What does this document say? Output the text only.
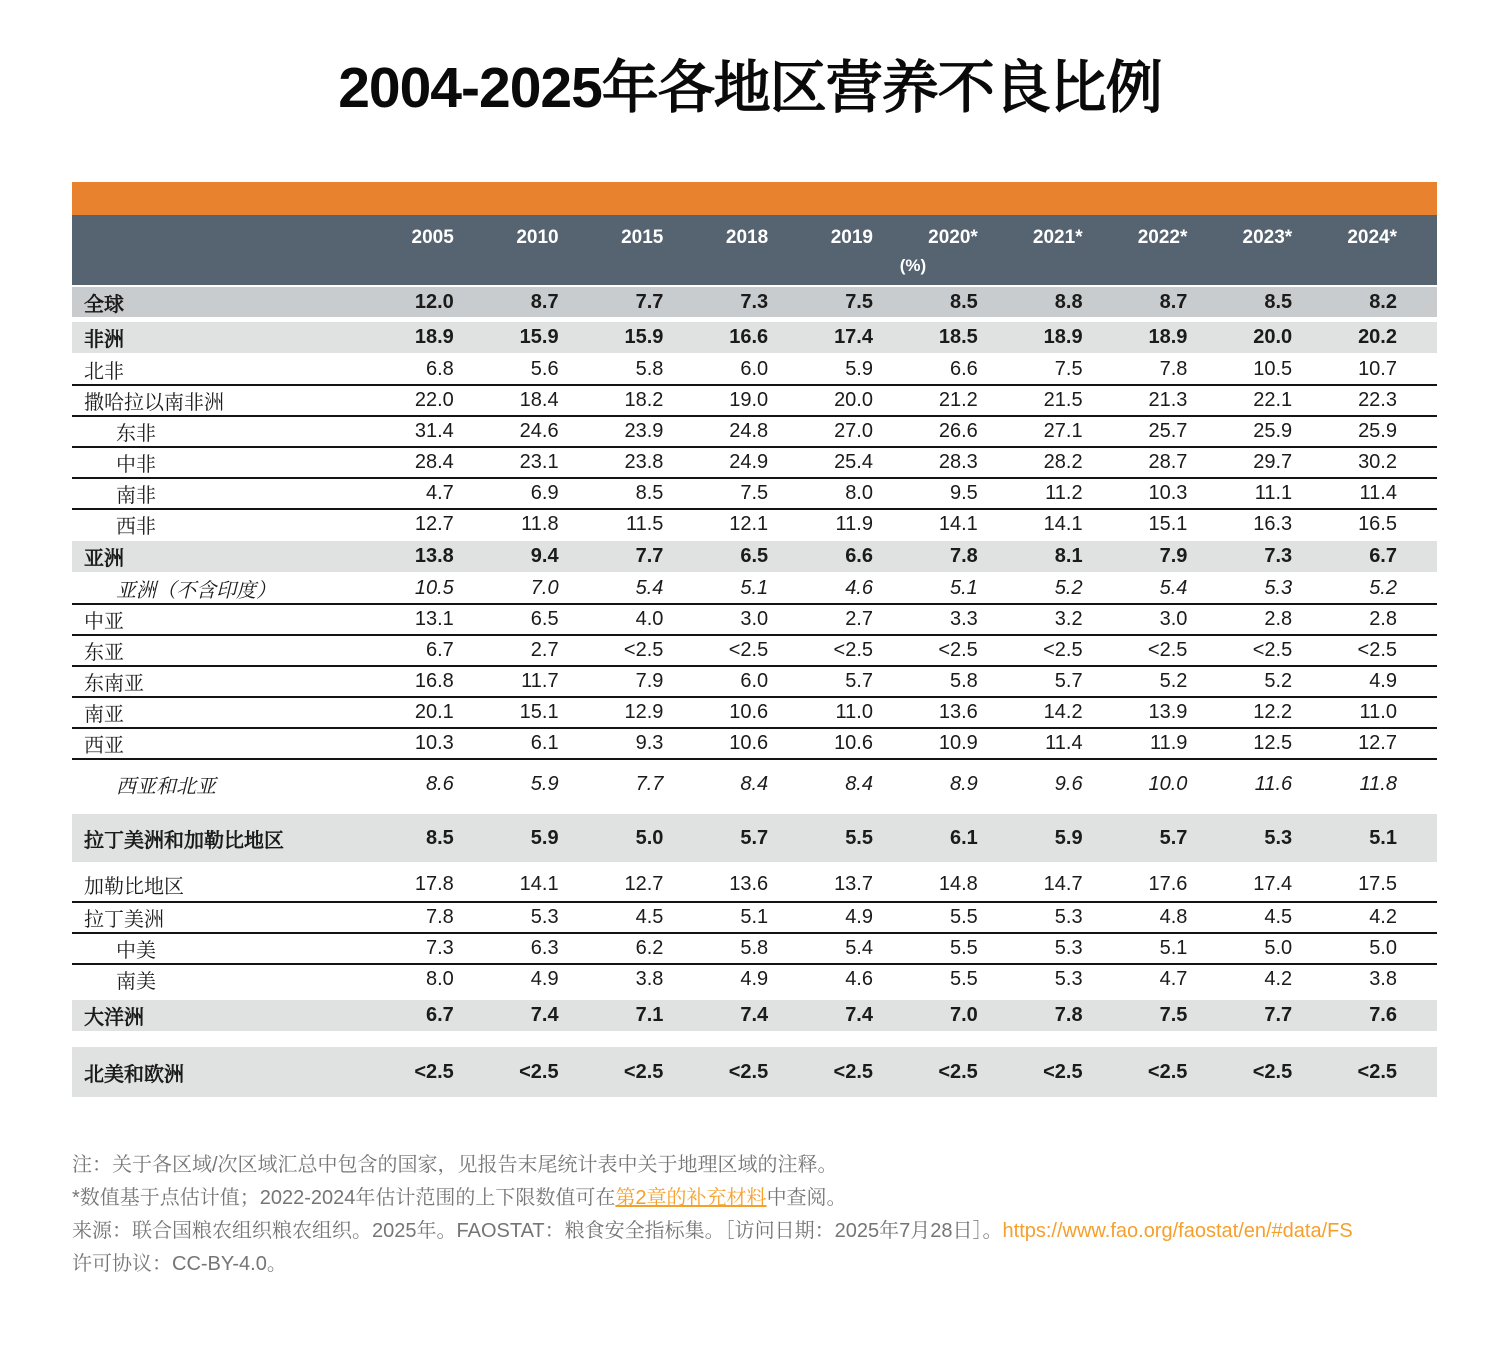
2004-2025年各地区营养不良比例
2005	2010	2015	2018	2019	2020*	2021*	2022*	2023*	2024*
(%)
全球	12.0	8.7	7.7	7.3	7.5	8.5	8.8	8.7	8.5	8.2
非洲	18.9	15.9	15.9	16.6	17.4	18.5	18.9	18.9	20.0	20.2
北非	6.8	5.6	5.8	6.0	5.9	6.6	7.5	7.8	10.5	10.7
撒哈拉以南非洲	22.0	18.4	18.2	19.0	20.0	21.2	21.5	21.3	22.1	22.3
东非	31.4	24.6	23.9	24.8	27.0	26.6	27.1	25.7	25.9	25.9
中非	28.4	23.1	23.8	24.9	25.4	28.3	28.2	28.7	29.7	30.2
南非	4.7	6.9	8.5	7.5	8.0	9.5	11.2	10.3	11.1	11.4
西非	12.7	11.8	11.5	12.1	11.9	14.1	14.1	15.1	16.3	16.5
亚洲	13.8	9.4	7.7	6.5	6.6	7.8	8.1	7.9	7.3	6.7
亚洲（不含印度）	10.5	7.0	5.4	5.1	4.6	5.1	5.2	5.4	5.3	5.2
中亚	13.1	6.5	4.0	3.0	2.7	3.3	3.2	3.0	2.8	2.8
东亚	6.7	2.7	<2.5	<2.5	<2.5	<2.5	<2.5	<2.5	<2.5	<2.5
东南亚	16.8	11.7	7.9	6.0	5.7	5.8	5.7	5.2	5.2	4.9
南亚	20.1	15.1	12.9	10.6	11.0	13.6	14.2	13.9	12.2	11.0
西亚	10.3	6.1	9.3	10.6	10.6	10.9	11.4	11.9	12.5	12.7
西亚和北亚	8.6	5.9	7.7	8.4	8.4	8.9	9.6	10.0	11.6	11.8
拉丁美洲和加勒比地区	8.5	5.9	5.0	5.7	5.5	6.1	5.9	5.7	5.3	5.1
加勒比地区	17.8	14.1	12.7	13.6	13.7	14.8	14.7	17.6	17.4	17.5
拉丁美洲	7.8	5.3	4.5	5.1	4.9	5.5	5.3	4.8	4.5	4.2
中美	7.3	6.3	6.2	5.8	5.4	5.5	5.3	5.1	5.0	5.0
南美	8.0	4.9	3.8	4.9	4.6	5.5	5.3	4.7	4.2	3.8
大洋洲	6.7	7.4	7.1	7.4	7.4	7.0	7.8	7.5	7.7	7.6
北美和欧洲	<2.5	<2.5	<2.5	<2.5	<2.5	<2.5	<2.5	<2.5	<2.5	<2.5

注：关于各区域/次区域汇总中包含的国家，见报告末尾统计表中关于地理区域的注释。

*数值基于点估计值；2022-2024年估计范围的上下限数值可在第2章的补充材料中查阅。

来源：联合国粮农组织粮农组织。2025年。FAOSTAT：粮食安全指标集。［访问日期：2025年7月28日］。https://www.fao.org/faostat/en/#data/FS

许可协议：CC-BY-4.0。
